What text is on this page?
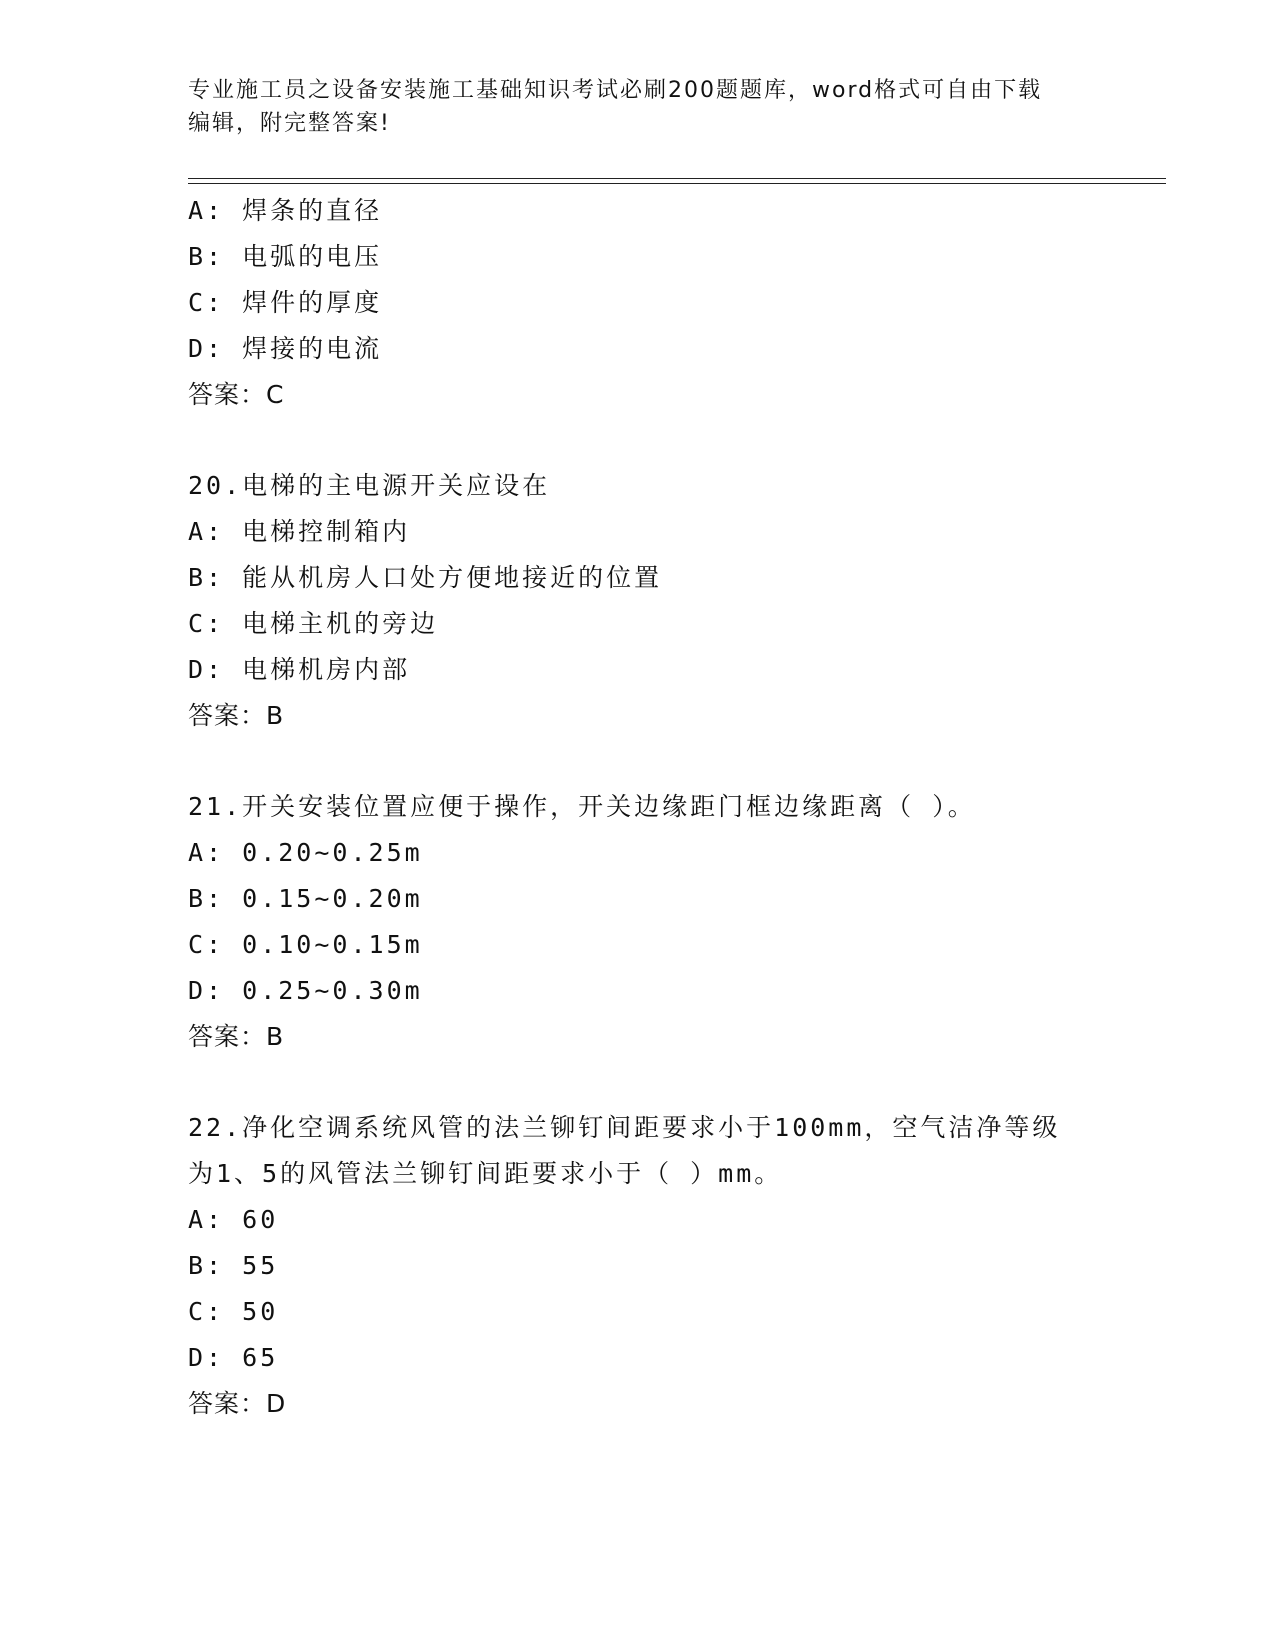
专业施工员之设备安装施工基础知识考试必刷200题题库，word格式可自由下载
编辑，附完整答案!
A: 焊条的直径
B: 电弧的电压
C: 焊件的厚度
D: 焊接的电流
答案：C
20.电梯的主电源开关应设在
A: 电梯控制箱内
B: 能从机房人口处方便地接近的位置
C: 电梯主机的旁边
D: 电梯机房内部
答案：B
21.开关安装位置应便于操作，开关边缘距门框边缘距离（ ）。
A: 0.20~0.25m
B: 0.15~0.20m
C: 0.10~0.15m
D: 0.25~0.30m
答案：B
22.净化空调系统风管的法兰铆钉间距要求小于100mm，空气洁净等级
为1、5的风管法兰铆钉间距要求小于（ ）mm。
A: 60
B: 55
C: 50
D: 65
答案：D
